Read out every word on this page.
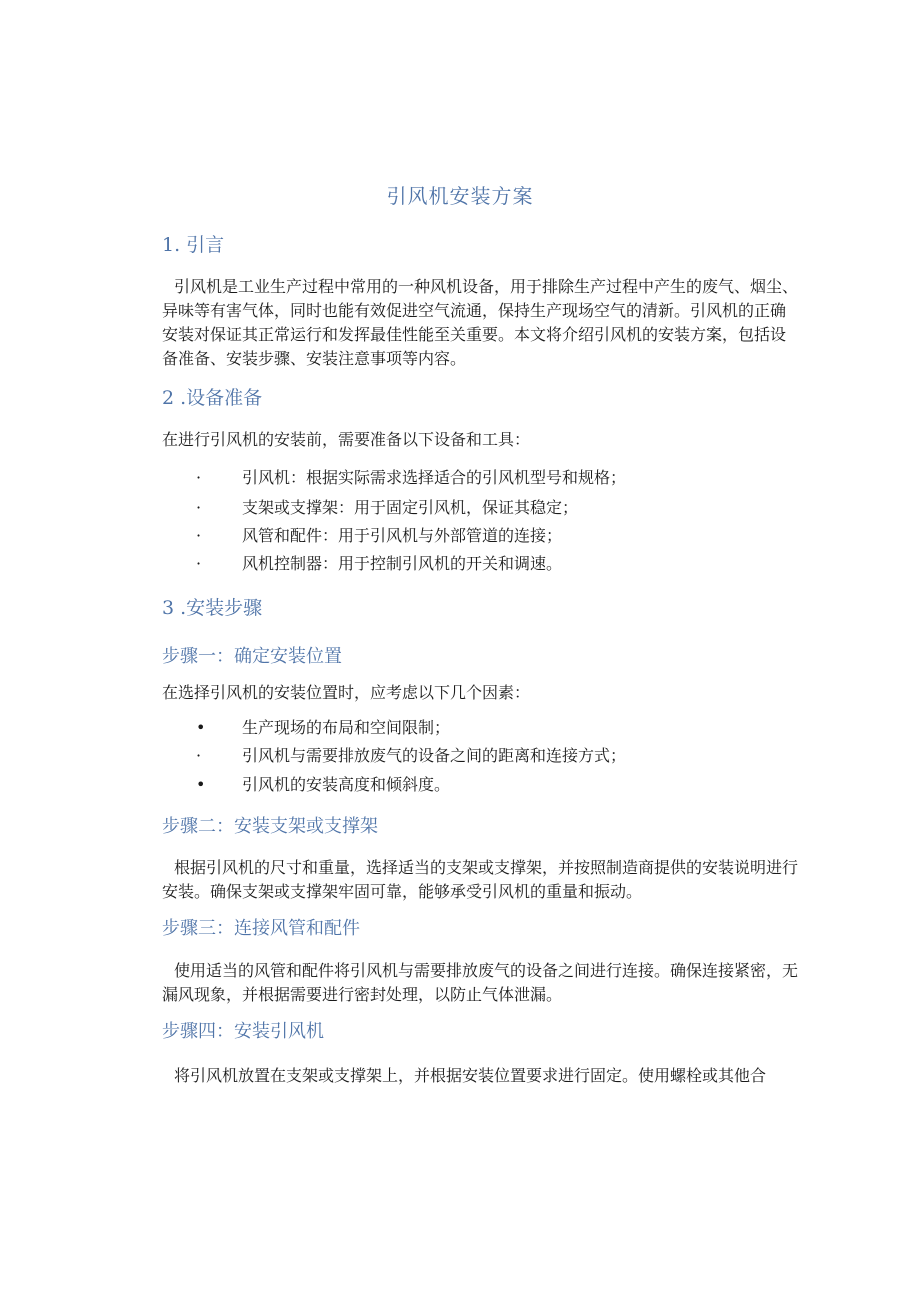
引风机安装方案
1. 引言
引风机是工业生产过程中常用的一种风机设备，用于排除生产过程中产生的废气、烟尘、异味等有害气体，同时也能有效促进空气流通，保持生产现场空气的清新。引风机的正确安装对保证其正常运行和发挥最佳性能至关重要。本文将介绍引风机的安装方案，包括设备准备、安装步骤、安装注意事项等内容。
2 .设备准备
在进行引风机的安装前，需要准备以下设备和工具：
·	引风机：根据实际需求选择适合的引风机型号和规格；
·	支架或支撑架：用于固定引风机，保证其稳定；
·	风管和配件：用于引风机与外部管道的连接；
·	风机控制器：用于控制引风机的开关和调速。
3 .安装步骤
步骤一：确定安装位置
在选择引风机的安装位置时，应考虑以下几个因素：
•	生产现场的布局和空间限制；
·	引风机与需要排放废气的设备之间的距离和连接方式；
•	引风机的安装高度和倾斜度。
步骤二：安装支架或支撑架
根据引风机的尺寸和重量，选择适当的支架或支撑架，并按照制造商提供的安装说明进行安装。确保支架或支撑架牢固可靠，能够承受引风机的重量和振动。
步骤三：连接风管和配件
使用适当的风管和配件将引风机与需要排放废气的设备之间进行连接。确保连接紧密，无漏风现象，并根据需要进行密封处理，以防止气体泄漏。
步骤四：安装引风机
将引风机放置在支架或支撑架上，并根据安装位置要求进行固定。使用螺栓或其他合
